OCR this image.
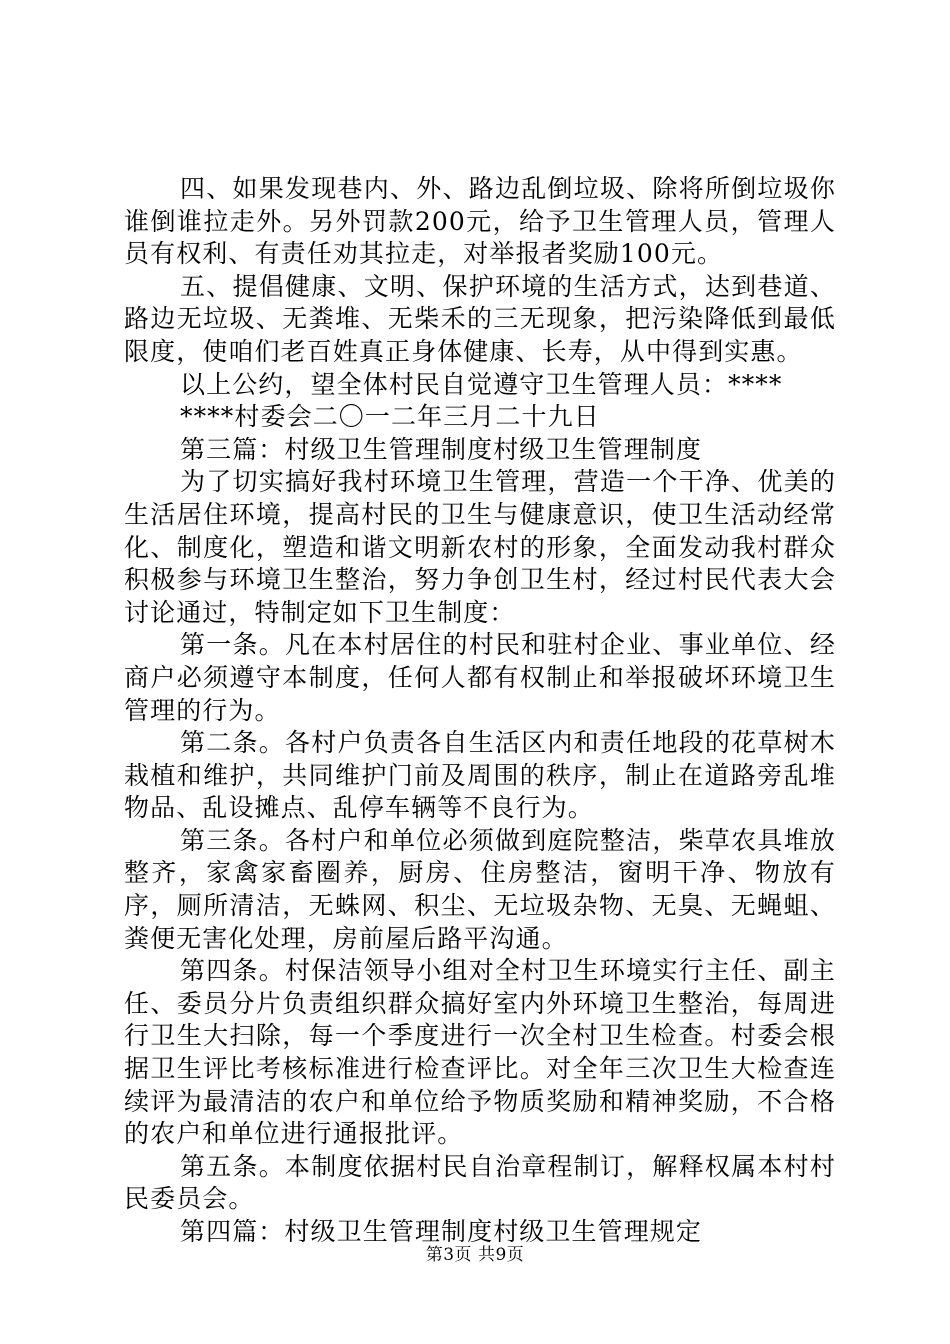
四、如果发现巷内、外、路边乱倒垃圾、除将所倒垃圾你谁倒谁拉走外。另外罚款200元，给予卫生管理人员，管理人员有权利、有责任劝其拉走，对举报者奖励100元。

五、提倡健康、文明、保护环境的生活方式，达到巷道、路边无垃圾、无粪堆、无柴禾的三无现象，把污染降低到最低限度，使咱们老百姓真正身体健康、长寿，从中得到实惠。

以上公约，望全体村民自觉遵守卫生管理人员：****

****村委会二〇一二年三月二十九日

第三篇：村级卫生管理制度村级卫生管理制度

为了切实搞好我村环境卫生管理，营造一个干净、优美的生活居住环境，提高村民的卫生与健康意识，使卫生活动经常化、制度化，塑造和谐文明新农村的形象，全面发动我村群众积极参与环境卫生整治，努力争创卫生村，经过村民代表大会讨论通过，特制定如下卫生制度：

第一条。凡在本村居住的村民和驻村企业、事业单位、经商户必须遵守本制度，任何人都有权制止和举报破坏环境卫生管理的行为。

第二条。各村户负责各自生活区内和责任地段的花草树木栽植和维护，共同维护门前及周围的秩序，制止在道路旁乱堆物品、乱设摊点、乱停车辆等不良行为。

第三条。各村户和单位必须做到庭院整洁，柴草农具堆放整齐，家禽家畜圈养，厨房、住房整洁，窗明干净、物放有序，厕所清洁，无蛛网、积尘、无垃圾杂物、无臭、无蝇蛆、粪便无害化处理，房前屋后路平沟通。

第四条。村保洁领导小组对全村卫生环境实行主任、副主任、委员分片负责组织群众搞好室内外环境卫生整治，每周进行卫生大扫除，每一个季度进行一次全村卫生检查。村委会根据卫生评比考核标准进行检查评比。对全年三次卫生大检查连续评为最清洁的农户和单位给予物质奖励和精神奖励，不合格的农户和单位进行通报批评。

第五条。本制度依据村民自治章程制订，解释权属本村村民委员会。

第四篇：村级卫生管理制度村级卫生管理规定

第3页 共9页
